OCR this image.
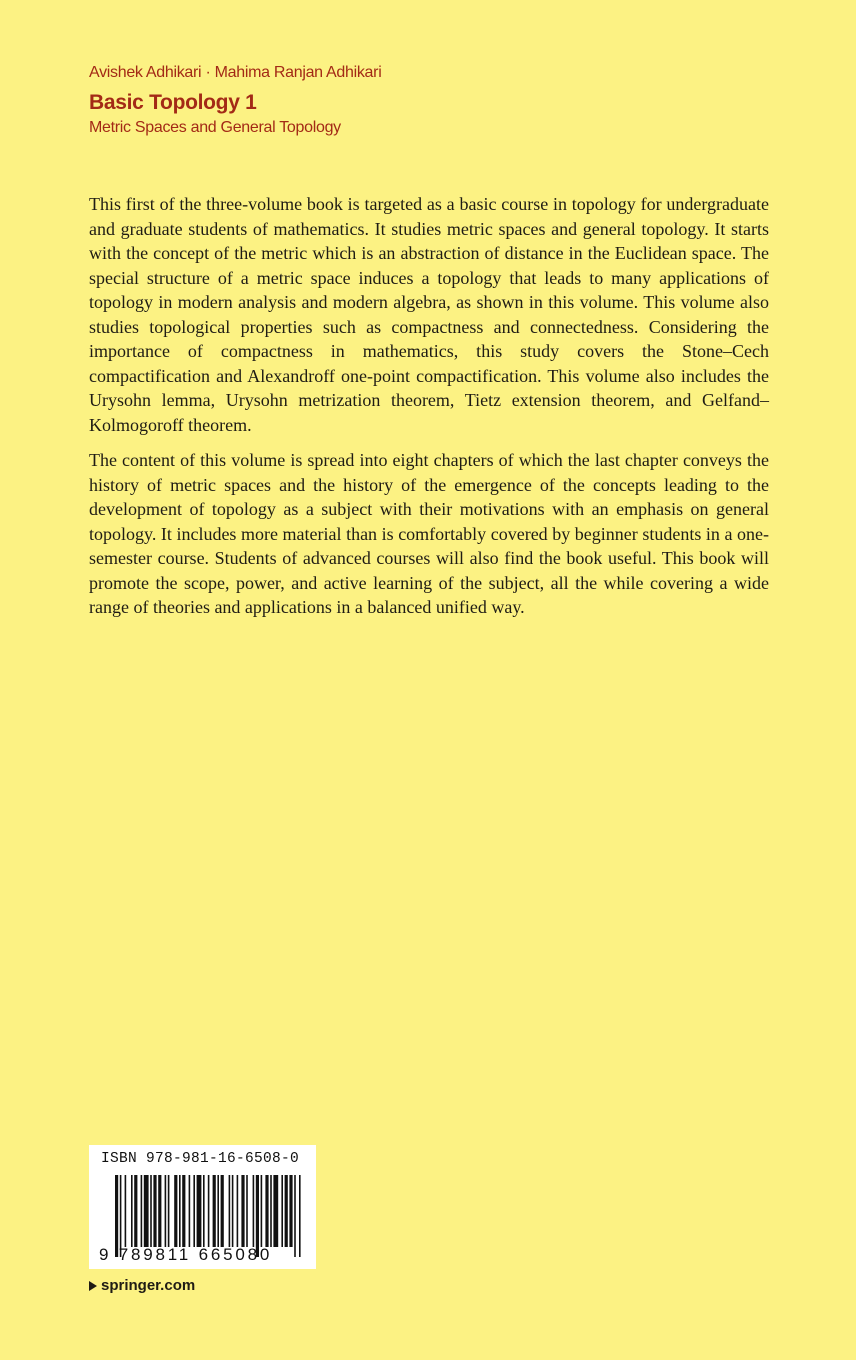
Avishek Adhikari · Mahima Ranjan Adhikari
Basic Topology 1
Metric Spaces and General Topology

This first of the three-volume book is targeted as a basic course in topology for undergraduate and graduate students of mathematics. It studies metric spaces and general topology. It starts with the concept of the metric which is an abstraction of distance in the Euclidean space. The special structure of a metric space induces a topology that leads to many applications of topology in modern analysis and modern algebra, as shown in this volume. This volume also studies topological properties such as compactness and connectedness. Considering the importance of compactness in mathematics, this study covers the Stone–Cech compactification and Alexandroff one-point compactification. This volume also includes the Urysohn lemma, Urysohn metrization theorem, Tietz extension theorem, and Gelfand–Kolmogoroff theorem.

The content of this volume is spread into eight chapters of which the last chapter conveys the history of metric spaces and the history of the emergence of the concepts leading to the development of topology as a subject with their motivations with an emphasis on general topology. It includes more material than is comfortably covered by beginner students in a one-semester course. Students of advanced courses will also find the book useful. This book will promote the scope, power, and active learning of the subject, all the while covering a wide range of theories and applications in a balanced unified way.

ISBN 978-981-16-6508-0
9 789811 665080
springer.com
